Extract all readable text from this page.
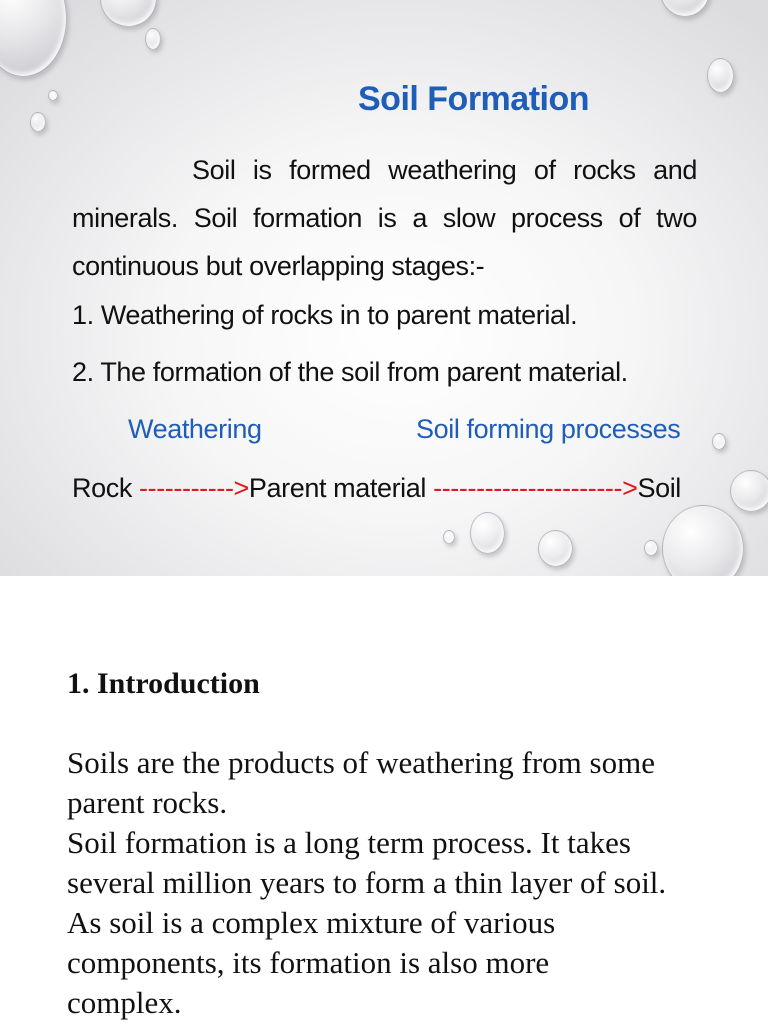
Soil Formation
Soil is formed weathering of rocks and minerals. Soil formation is a slow process of two continuous but overlapping stages:-
1. Weathering of rocks in to parent material.
2. The formation of the soil from parent material.
Weathering	Soil forming processes
Rock ----------->Parent material ---------------------->Soil
1. Introduction
Soils are the products of weathering from some
parent rocks.
Soil formation is a long term process. It takes
several million years to form a thin layer of soil.
As soil is a complex mixture of various
components, its formation is also more
complex.
